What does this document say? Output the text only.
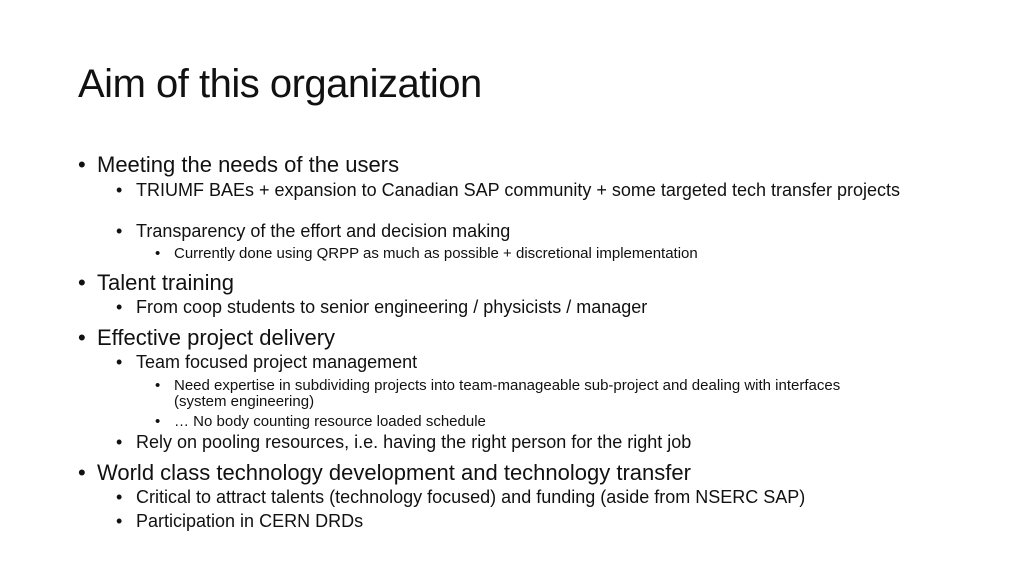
Aim of this organization
• Meeting the needs of the users
• TRIUMF BAEs + expansion to Canadian SAP community + some targeted tech transfer projects
• Transparency of the effort and decision making
• Currently done using QRPP as much as possible + discretional implementation
• Talent training
• From coop students to senior engineering / physicists / manager
• Effective project delivery
• Team focused project management
• Need expertise in subdividing projects into team-manageable sub-project and dealing with interfaces (system engineering)
• … No body counting resource loaded schedule
• Rely on pooling resources, i.e. having the right person for the right job
• World class technology development and technology transfer
• Critical to attract talents (technology focused) and funding (aside from NSERC SAP)
• Participation in CERN DRDs
